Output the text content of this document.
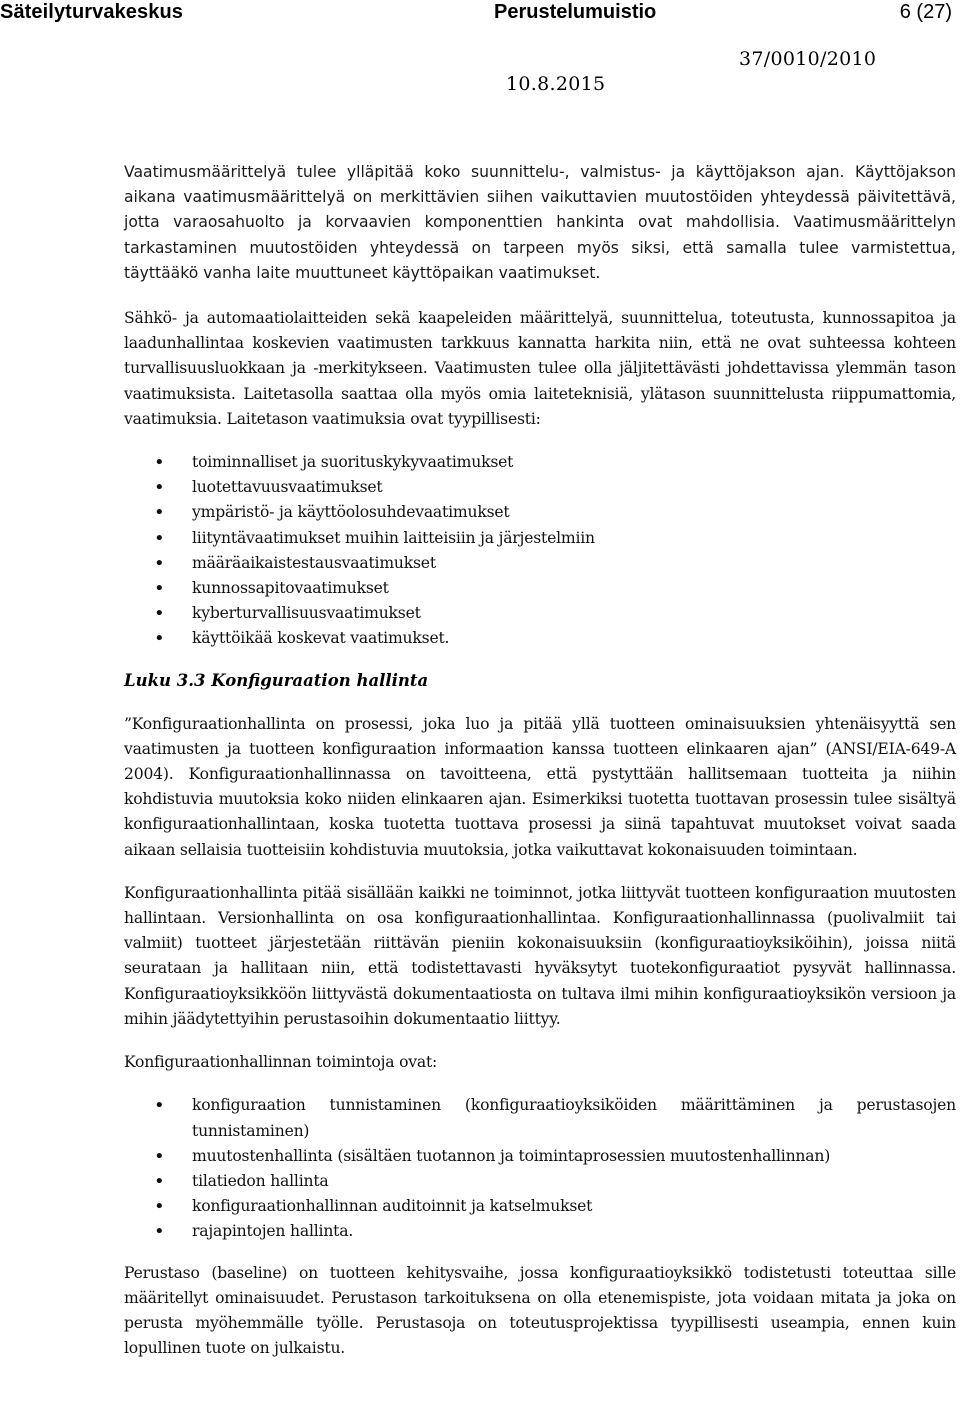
Säteilyturvakeskus	Perustelumuistio	6 (27)
37/0010/2010
10.8.2015

Vaatimusmäärittelyä tulee ylläpitää koko suunnittelu-, valmistus- ja käyttöjakson ajan. Käyttöjakson aikana vaatimusmäärittelyä on merkittävien siihen vaikuttavien muutostöiden yhteydessä päivitettävä, jotta varaosahuolto ja korvaavien komponenttien hankinta ovat mahdollisia. Vaatimusmäärittelyn tarkastaminen muutostöiden yhteydessä on tarpeen myös siksi, että samalla tulee varmistettua, täyttääkö vanha laite muuttuneet käyttöpaikan vaatimukset.

Sähkö- ja automaatiolaitteiden sekä kaapeleiden määrittelyä, suunnittelua, toteutusta, kunnossapitoa ja laadunhallintaa koskevien vaatimusten tarkkuus kannatta harkita niin, että ne ovat suhteessa kohteen turvallisuusluokkaan ja -merkitykseen. Vaatimusten tulee olla jäljitettävästi johdettavissa ylemmän tason vaatimuksista. Laitetasolla saattaa olla myös omia laiteteknisiä, ylätason suunnittelusta riippumattomia, vaatimuksia. Laitetason vaatimuksia ovat tyypillisesti:

• toiminnalliset ja suorituskykyvaatimukset
• luotettavuusvaatimukset
• ympäristö- ja käyttöolosuhdevaatimukset
• liityntävaatimukset muihin laitteisiin ja järjestelmiin
• määräaikaistestausvaatimukset
• kunnossapitovaatimukset
• kyberturvallisuusvaatimukset
• käyttöikää koskevat vaatimukset.
Luku 3.3 Konfiguraation hallinta

”Konfiguraationhallinta on prosessi, joka luo ja pitää yllä tuotteen ominaisuuksien yhtenäisyyttä sen vaatimusten ja tuotteen konfiguraation informaation kanssa tuotteen elinkaaren ajan” (ANSI/EIA-649-A 2004). Konfiguraationhallinnassa on tavoitteena, että pystyttään hallitsemaan tuotteita ja niihin kohdistuvia muutoksia koko niiden elinkaaren ajan. Esimerkiksi tuotetta tuottavan prosessin tulee sisältyä konfiguraationhallintaan, koska tuotetta tuottava prosessi ja siinä tapahtuvat muutokset voivat saada aikaan sellaisia tuotteisiin kohdistuvia muutoksia, jotka vaikuttavat kokonaisuuden toimintaan.

Konfiguraationhallinta pitää sisällään kaikki ne toiminnot, jotka liittyvät tuotteen konfiguraation muutosten hallintaan. Versionhallinta on osa konfiguraationhallintaa. Konfiguraationhallinnassa (puolivalmiit tai valmiit) tuotteet järjestetään riittävän pieniin kokonaisuuksiin (konfiguraatioyksiköihin), joissa niitä seurataan ja hallitaan niin, että todistettavasti hyväksytyt tuotekonfiguraatiot pysyvät hallinnassa. Konfiguraatioyksikköön liittyvästä dokumentaatiosta on tultava ilmi mihin konfiguraatioyksikön versioon ja mihin jäädytettyihin perustasoihin dokumentaatio liittyy.

Konfiguraationhallinnan toimintoja ovat:

• konfiguraation tunnistaminen (konfiguraatioyksiköiden määrittäminen ja perustasojen tunnistaminen)
• muutostenhallinta (sisältäen tuotannon ja toimintaprosessien muutostenhallinnan)
• tilatiedon hallinta
• konfiguraationhallinnan auditoinnit ja katselmukset
• rajapintojen hallinta.

Perustaso (baseline) on tuotteen kehitysvaihe, jossa konfiguraatioyksikkö todistetusti toteuttaa sille määritellyt ominaisuudet. Perustason tarkoituksena on olla etenemispiste, jota voidaan mitata ja joka on perusta myöhemmälle työlle. Perustasoja on toteutusprojektissa tyypillisesti useampia, ennen kuin lopullinen tuote on julkaistu.
